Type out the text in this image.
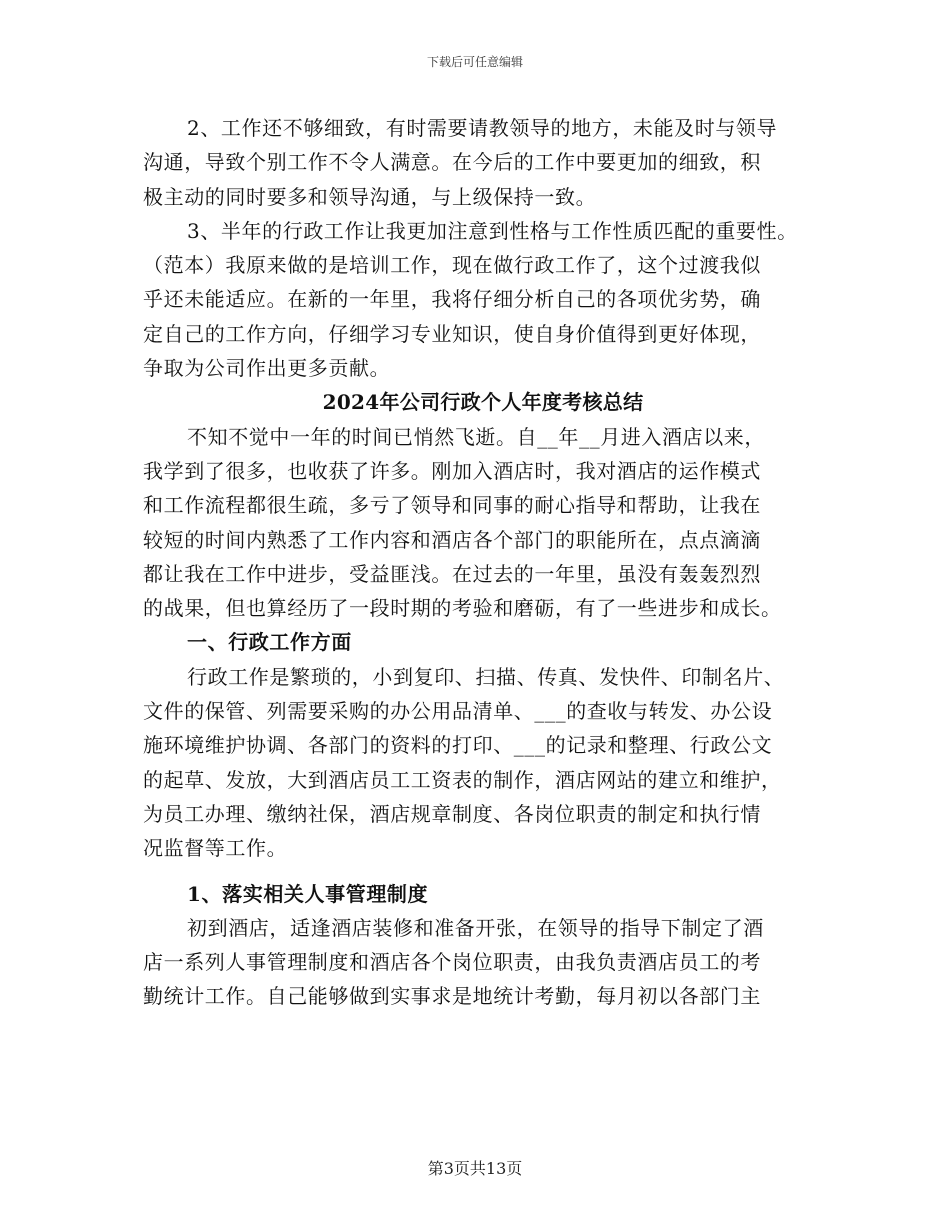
下载后可任意编辑
2、工作还不够细致，有时需要请教领导的地方，未能及时与领导
沟通，导致个别工作不令人满意。在今后的工作中要更加的细致，积
极主动的同时要多和领导沟通，与上级保持一致。
3、半年的行政工作让我更加注意到性格与工作性质匹配的重要性。
（范本）我原来做的是培训工作，现在做行政工作了，这个过渡我似
乎还未能适应。在新的一年里，我将仔细分析自己的各项优劣势，确
定自己的工作方向，仔细学习专业知识，使自身价值得到更好体现，
争取为公司作出更多贡献。
2024年公司行政个人年度考核总结
不知不觉中一年的时间已悄然飞逝。自__年__月进入酒店以来，
我学到了很多，也收获了许多。刚加入酒店时，我对酒店的运作模式
和工作流程都很生疏，多亏了领导和同事的耐心指导和帮助，让我在
较短的时间内熟悉了工作内容和酒店各个部门的职能所在，点点滴滴
都让我在工作中进步，受益匪浅。在过去的一年里，虽没有轰轰烈烈
的战果，但也算经历了一段时期的考验和磨砺，有了一些进步和成长。
一、行政工作方面
行政工作是繁琐的，小到复印、扫描、传真、发快件、印制名片、
文件的保管、列需要采购的办公用品清单、___的查收与转发、办公设
施环境维护协调、各部门的资料的打印、___的记录和整理、行政公文
的起草、发放，大到酒店员工工资表的制作，酒店网站的建立和维护，
为员工办理、缴纳社保，酒店规章制度、各岗位职责的制定和执行情
况监督等工作。
1、落实相关人事管理制度
初到酒店，适逢酒店装修和准备开张，在领导的指导下制定了酒
店一系列人事管理制度和酒店各个岗位职责，由我负责酒店员工的考
勤统计工作。自己能够做到实事求是地统计考勤，每月初以各部门主
第3页共13页
